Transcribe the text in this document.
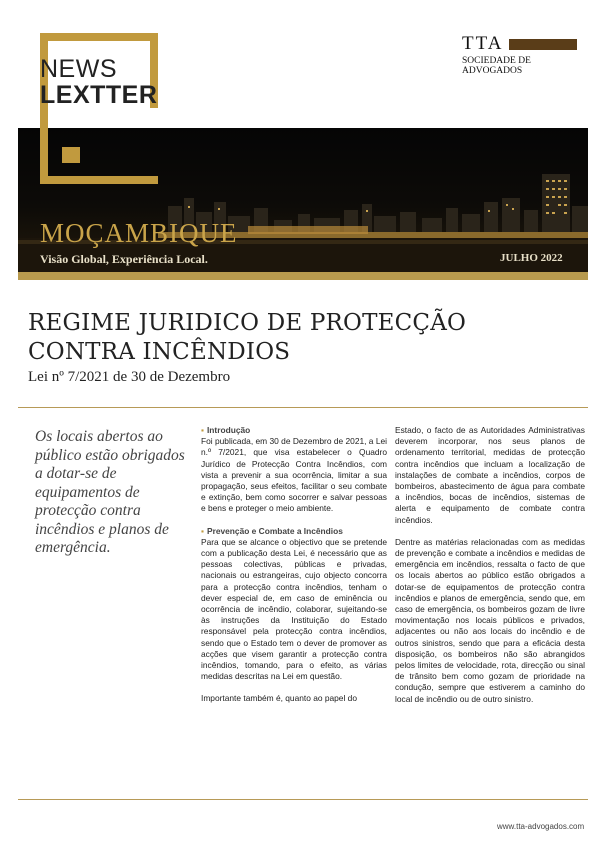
NEWS
LEXTTER
TTA
SOCIEDADE DE ADVOGADOS
MOÇAMBIQUE
Visão Global, Experiência Local.	JULHO 2022
REGIME JURIDICO DE PROTECÇÃO
CONTRA INCÊNDIOS
Lei nº 7/2021 de 30 de Dezembro
Os locais abertos ao público estão obrigados a dotar-se de equipamentos de protecção contra incêndios e planos de emergência.
▪ Introdução

Foi publicada, em 30 de Dezembro de 2021, a Lei n.º 7/2021, que visa estabelecer o Quadro Jurídico de Protecção Contra Incêndios, com vista a prevenir a sua ocorrência, limitar a sua propagação, seus efeitos, facilitar o seu combate e extinção, bem como socorrer e salvar pessoas e bens e proteger o meio ambiente.

▪ Prevenção e Combate a Incêndios

Para que se alcance o objectivo que se pretende com a publicação desta Lei, é necessário que as pessoas colectivas, públicas e privadas, nacionais ou estrangeiras, cujo objecto concorra para a protecção contra incêndios, tenham o dever especial de, em caso de eminência ou ocorrência de incêndio, colaborar, sujeitando-se às instruções da Instituição do Estado responsável pela protecção contra incêndios, sendo que o Estado tem o dever de promover as acções que visem garantir a protecção contra incêndios, tomando, para o efeito, as várias medidas descritas na Lei em questão.

Importante também é, quanto ao papel do

Estado, o facto de as Autoridades Administrativas deverem incorporar, nos seus planos de ordenamento territorial, medidas de protecção contra incêndios que incluam a localização de instalações de combate a incêndios, corpos de bombeiros, abastecimento de água para combate a incêndios, bocas de incêndios, sistemas de alerta e equipamento de combate contra incêndios.

Dentre as matérias relacionadas com as medidas de prevenção e combate a incêndios e medidas de emergência em incêndios, ressalta o facto de que os locais abertos ao público estão obrigados a dotar-se de equipamentos de protecção contra incêndios e planos de emergência, sendo que, em caso de emergência, os bombeiros gozam de livre movimentação nos locais públicos e privados, adjacentes ou não aos locais do incêndio e de outros sinistros, sendo que para a eficácia desta disposição, os bombeiros não são abrangidos pelos limites de velocidade, rota, direcção ou sinal de trânsito bem como gozam de prioridade na condução, sempre que estiverem a caminho do local de incêndio ou de outro sinistro.

www.tta-advogados.com
